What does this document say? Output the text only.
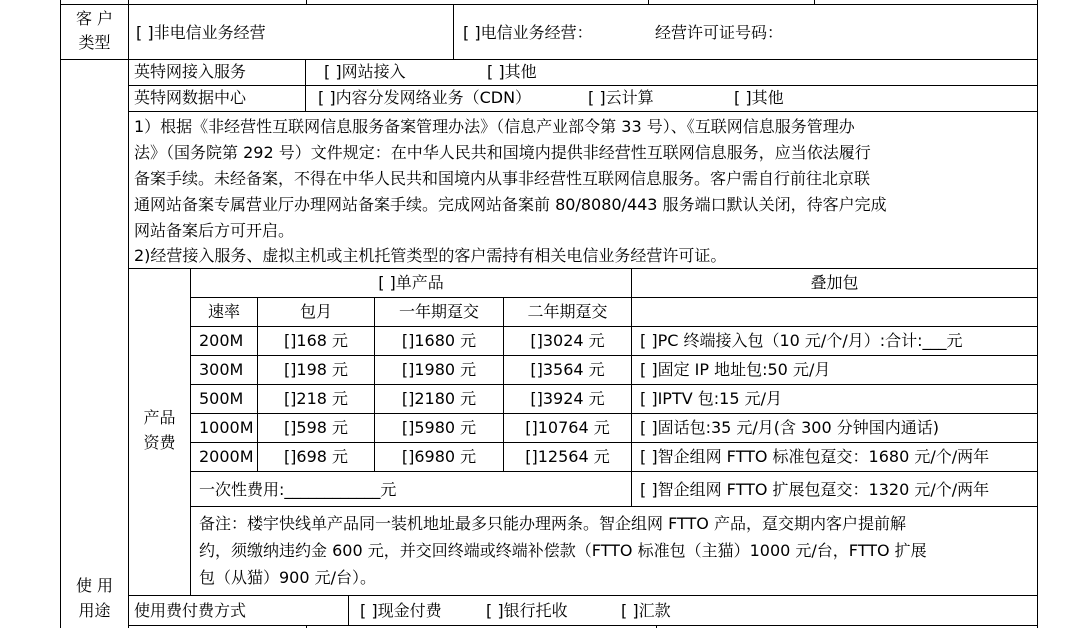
客 户
类型
[ ]非电信业务经营	[ ]电信业务经营：	经营许可证号码：
使 用
用途
英特网接入服务	[ ]网站接入	[ ]其他
英特网数据中心	[ ]内容分发网络业务（CDN）	[ ]云计算	[ ]其他
1）根据《非经营性互联网信息服务备案管理办法》（信息产业部令第 33 号）、《互联网信息服务管理办
法》（国务院第 292 号）文件规定：在中华人民共和国境内提供非经营性互联网信息服务，应当依法履行
备案手续。未经备案，不得在中华人民共和国境内从事非经营性互联网信息服务。客户需自行前往北京联
通网站备案专属营业厅办理网站备案手续。完成网站备案前 80/8080/443 服务端口默认关闭，待客户完成
网站备案后方可开启。
2)经营接入服务、虚拟主机或主机托管类型的客户需持有相关电信业务经营许可证。
产品
资费
[ ]单产品	叠加包
速率	包月	一年期趸交	二年期趸交
200M	[]168 元	[]1680 元	[]3024 元	[ ]PC 终端接入包（10 元/个/月）:合计:___元
300M	[]198 元	[]1980 元	[]3564 元	[ ]固定 IP 地址包:50 元/月
500M	[]218 元	[]2180 元	[]3924 元	[ ]IPTV 包:15 元/月
1000M	[]598 元	[]5980 元	[]10764 元	[ ]固话包:35 元/月(含 300 分钟国内通话)
2000M	[]698 元	[]6980 元	[]12564 元	[ ]智企组网 FTTO 标准包趸交：1680 元/个/两年
一次性费用:____________元	[ ]智企组网 FTTO 扩展包趸交：1320 元/个/两年
备注：楼宇快线单产品同一装机地址最多只能办理两条。智企组网 FTTO 产品，趸交期内客户提前解
约，须缴纳违约金 600 元，并交回终端或终端补偿款（FTTO 标准包（主猫）1000 元/台，FTTO 扩展
包（从猫）900 元/台）。
使用费付费方式	[ ]现金付费	[ ]银行托收	[ ]汇款
